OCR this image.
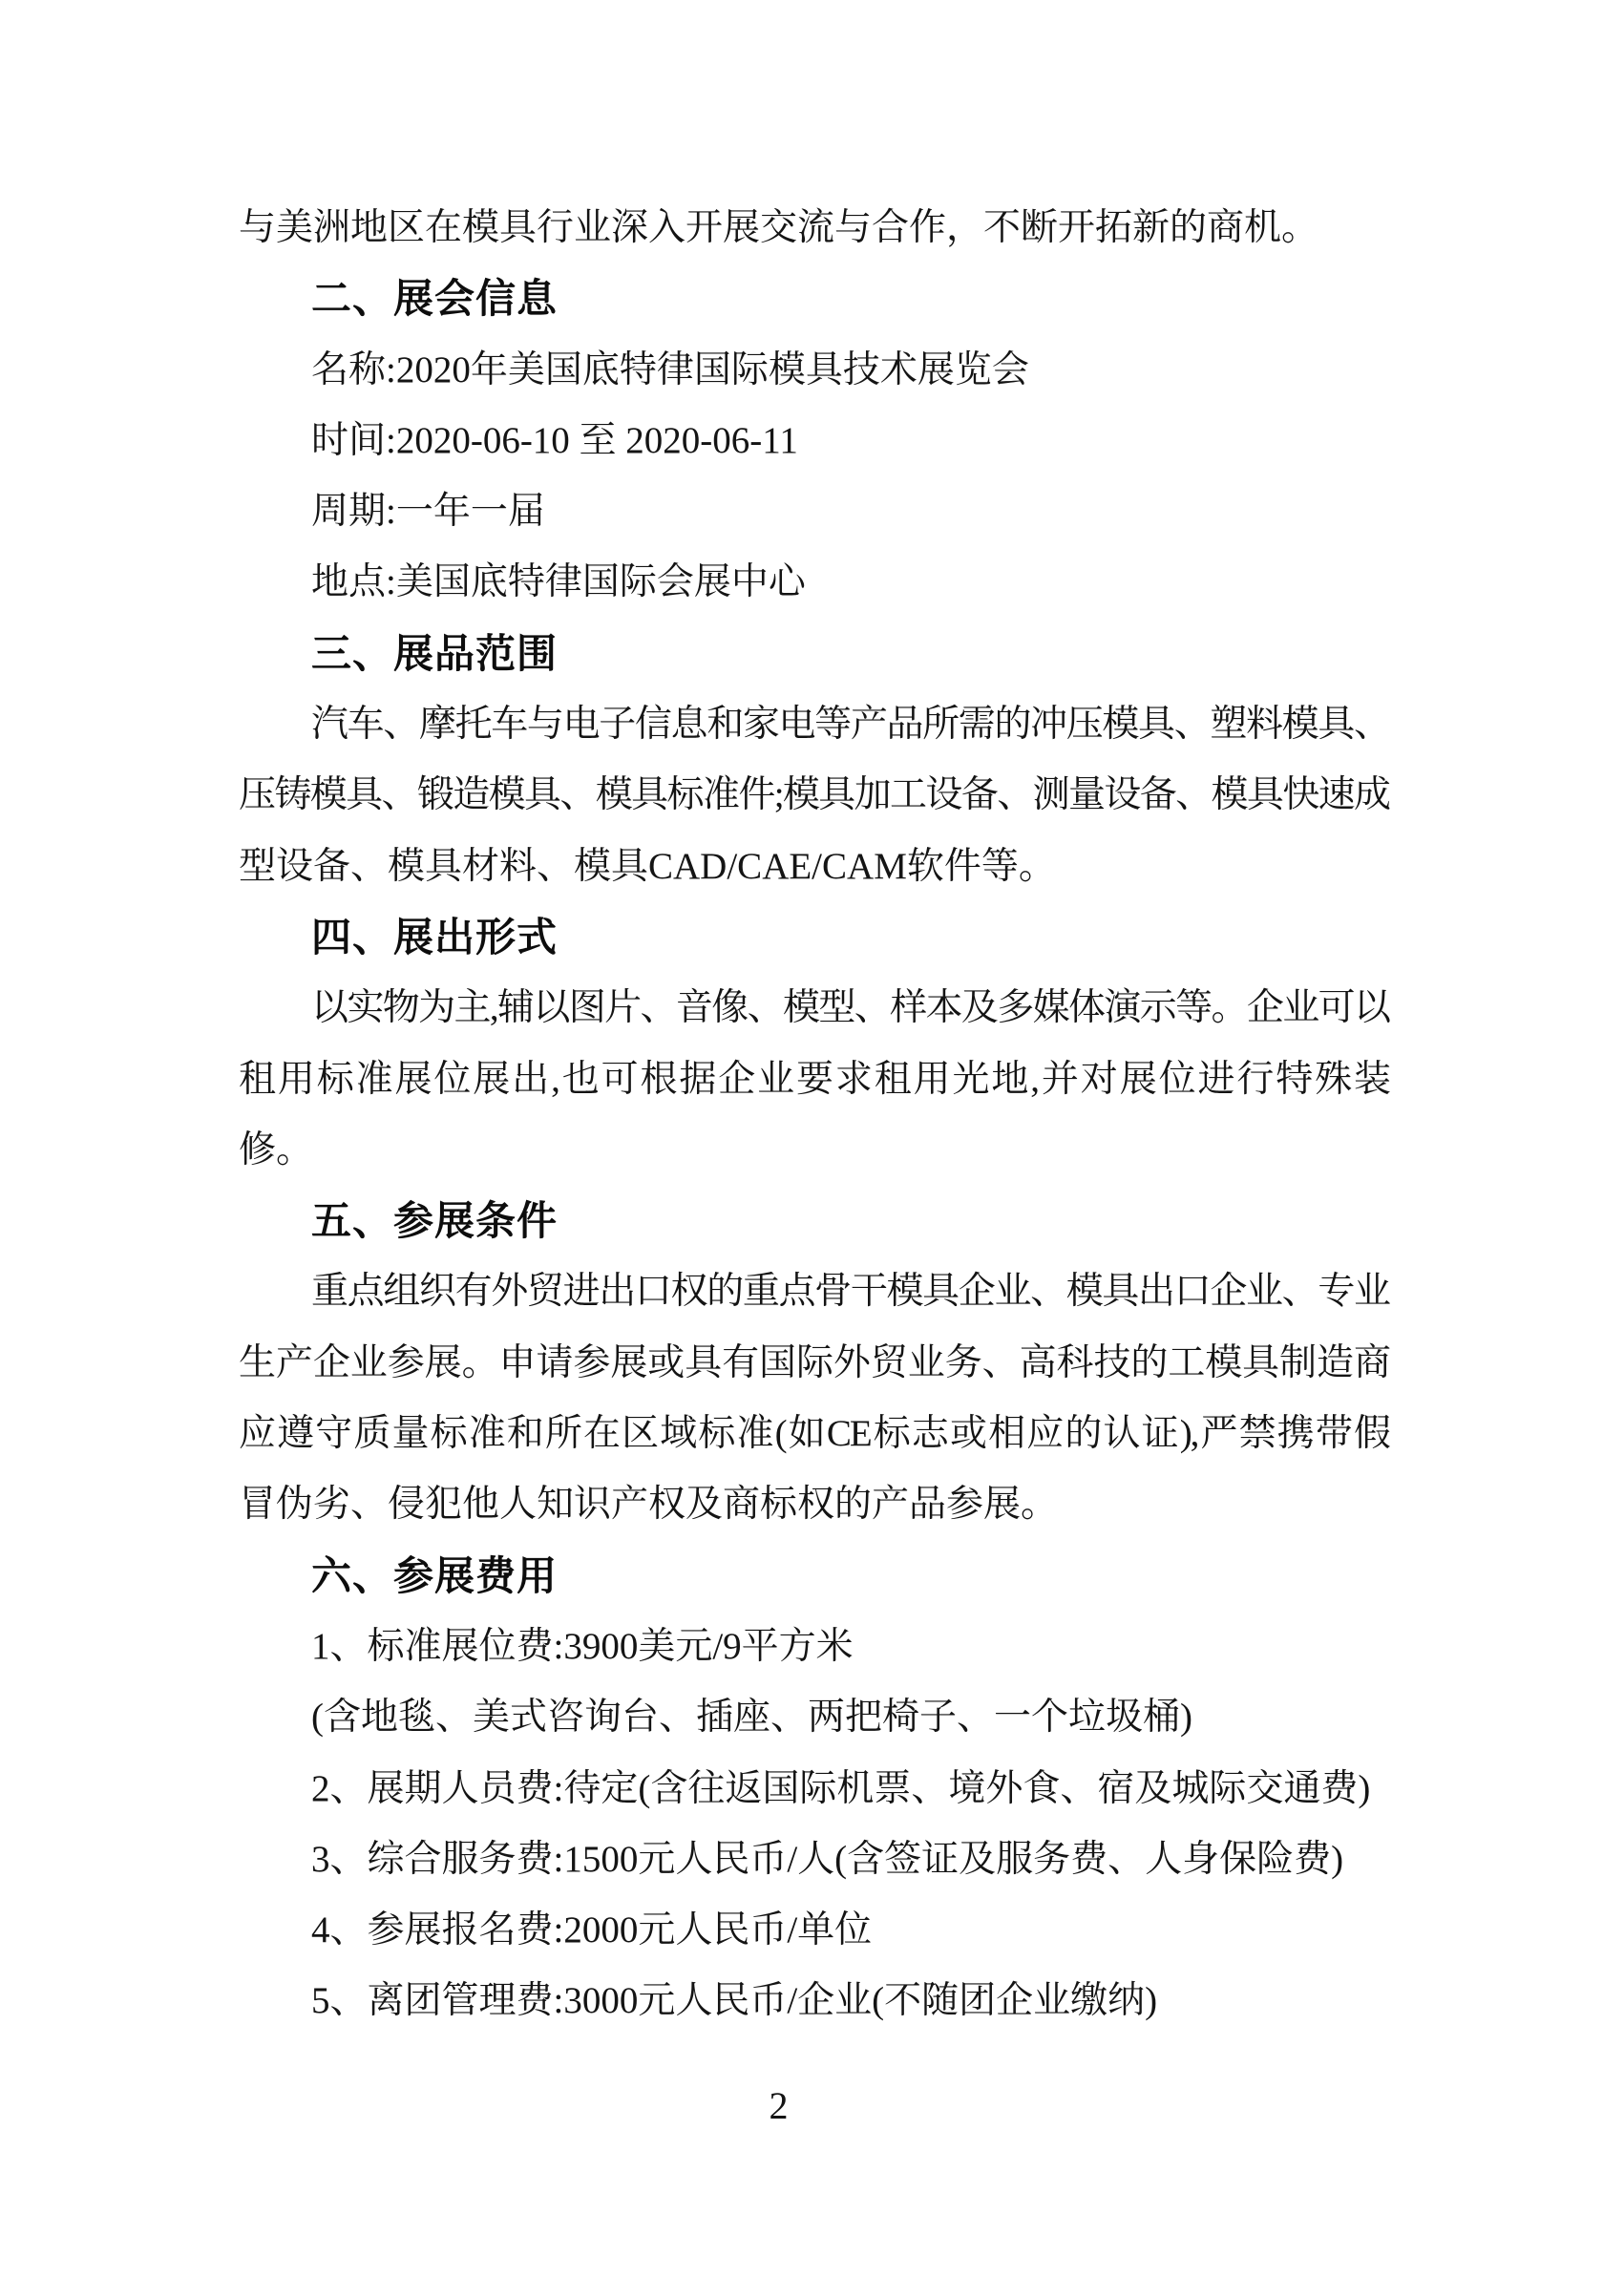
与美洲地区在模具行业深入开展交流与合作，不断开拓新的商机。
二、展会信息
名称:2020年美国底特律国际模具技术展览会
时间:2020-06-10 至 2020-06-11
周期:一年一届
地点:美国底特律国际会展中心
三、展品范围
汽车、摩托车与电子信息和家电等产品所需的冲压模具、塑料模具、
压铸模具、锻造模具、模具标准件;模具加工设备、测量设备、模具快速成
型设备、模具材料、模具CAD/CAE/CAM软件等。
四、展出形式
以实物为主,辅以图片、音像、模型、样本及多媒体演示等。企业可以
租用标准展位展出,也可根据企业要求租用光地,并对展位进行特殊装
修。
五、参展条件
重点组织有外贸进出口权的重点骨干模具企业、模具出口企业、专业
生产企业参展。申请参展或具有国际外贸业务、高科技的工模具制造商
应遵守质量标准和所在区域标准(如CE标志或相应的认证),严禁携带假
冒伪劣、侵犯他人知识产权及商标权的产品参展。
六、参展费用
1、标准展位费:3900美元/9平方米
(含地毯、美式咨询台、插座、两把椅子、一个垃圾桶)
2、展期人员费:待定(含往返国际机票、境外食、宿及城际交通费)
3、综合服务费:1500元人民币/人(含签证及服务费、人身保险费)
4、参展报名费:2000元人民币/单位
5、离团管理费:3000元人民币/企业(不随团企业缴纳)
2
